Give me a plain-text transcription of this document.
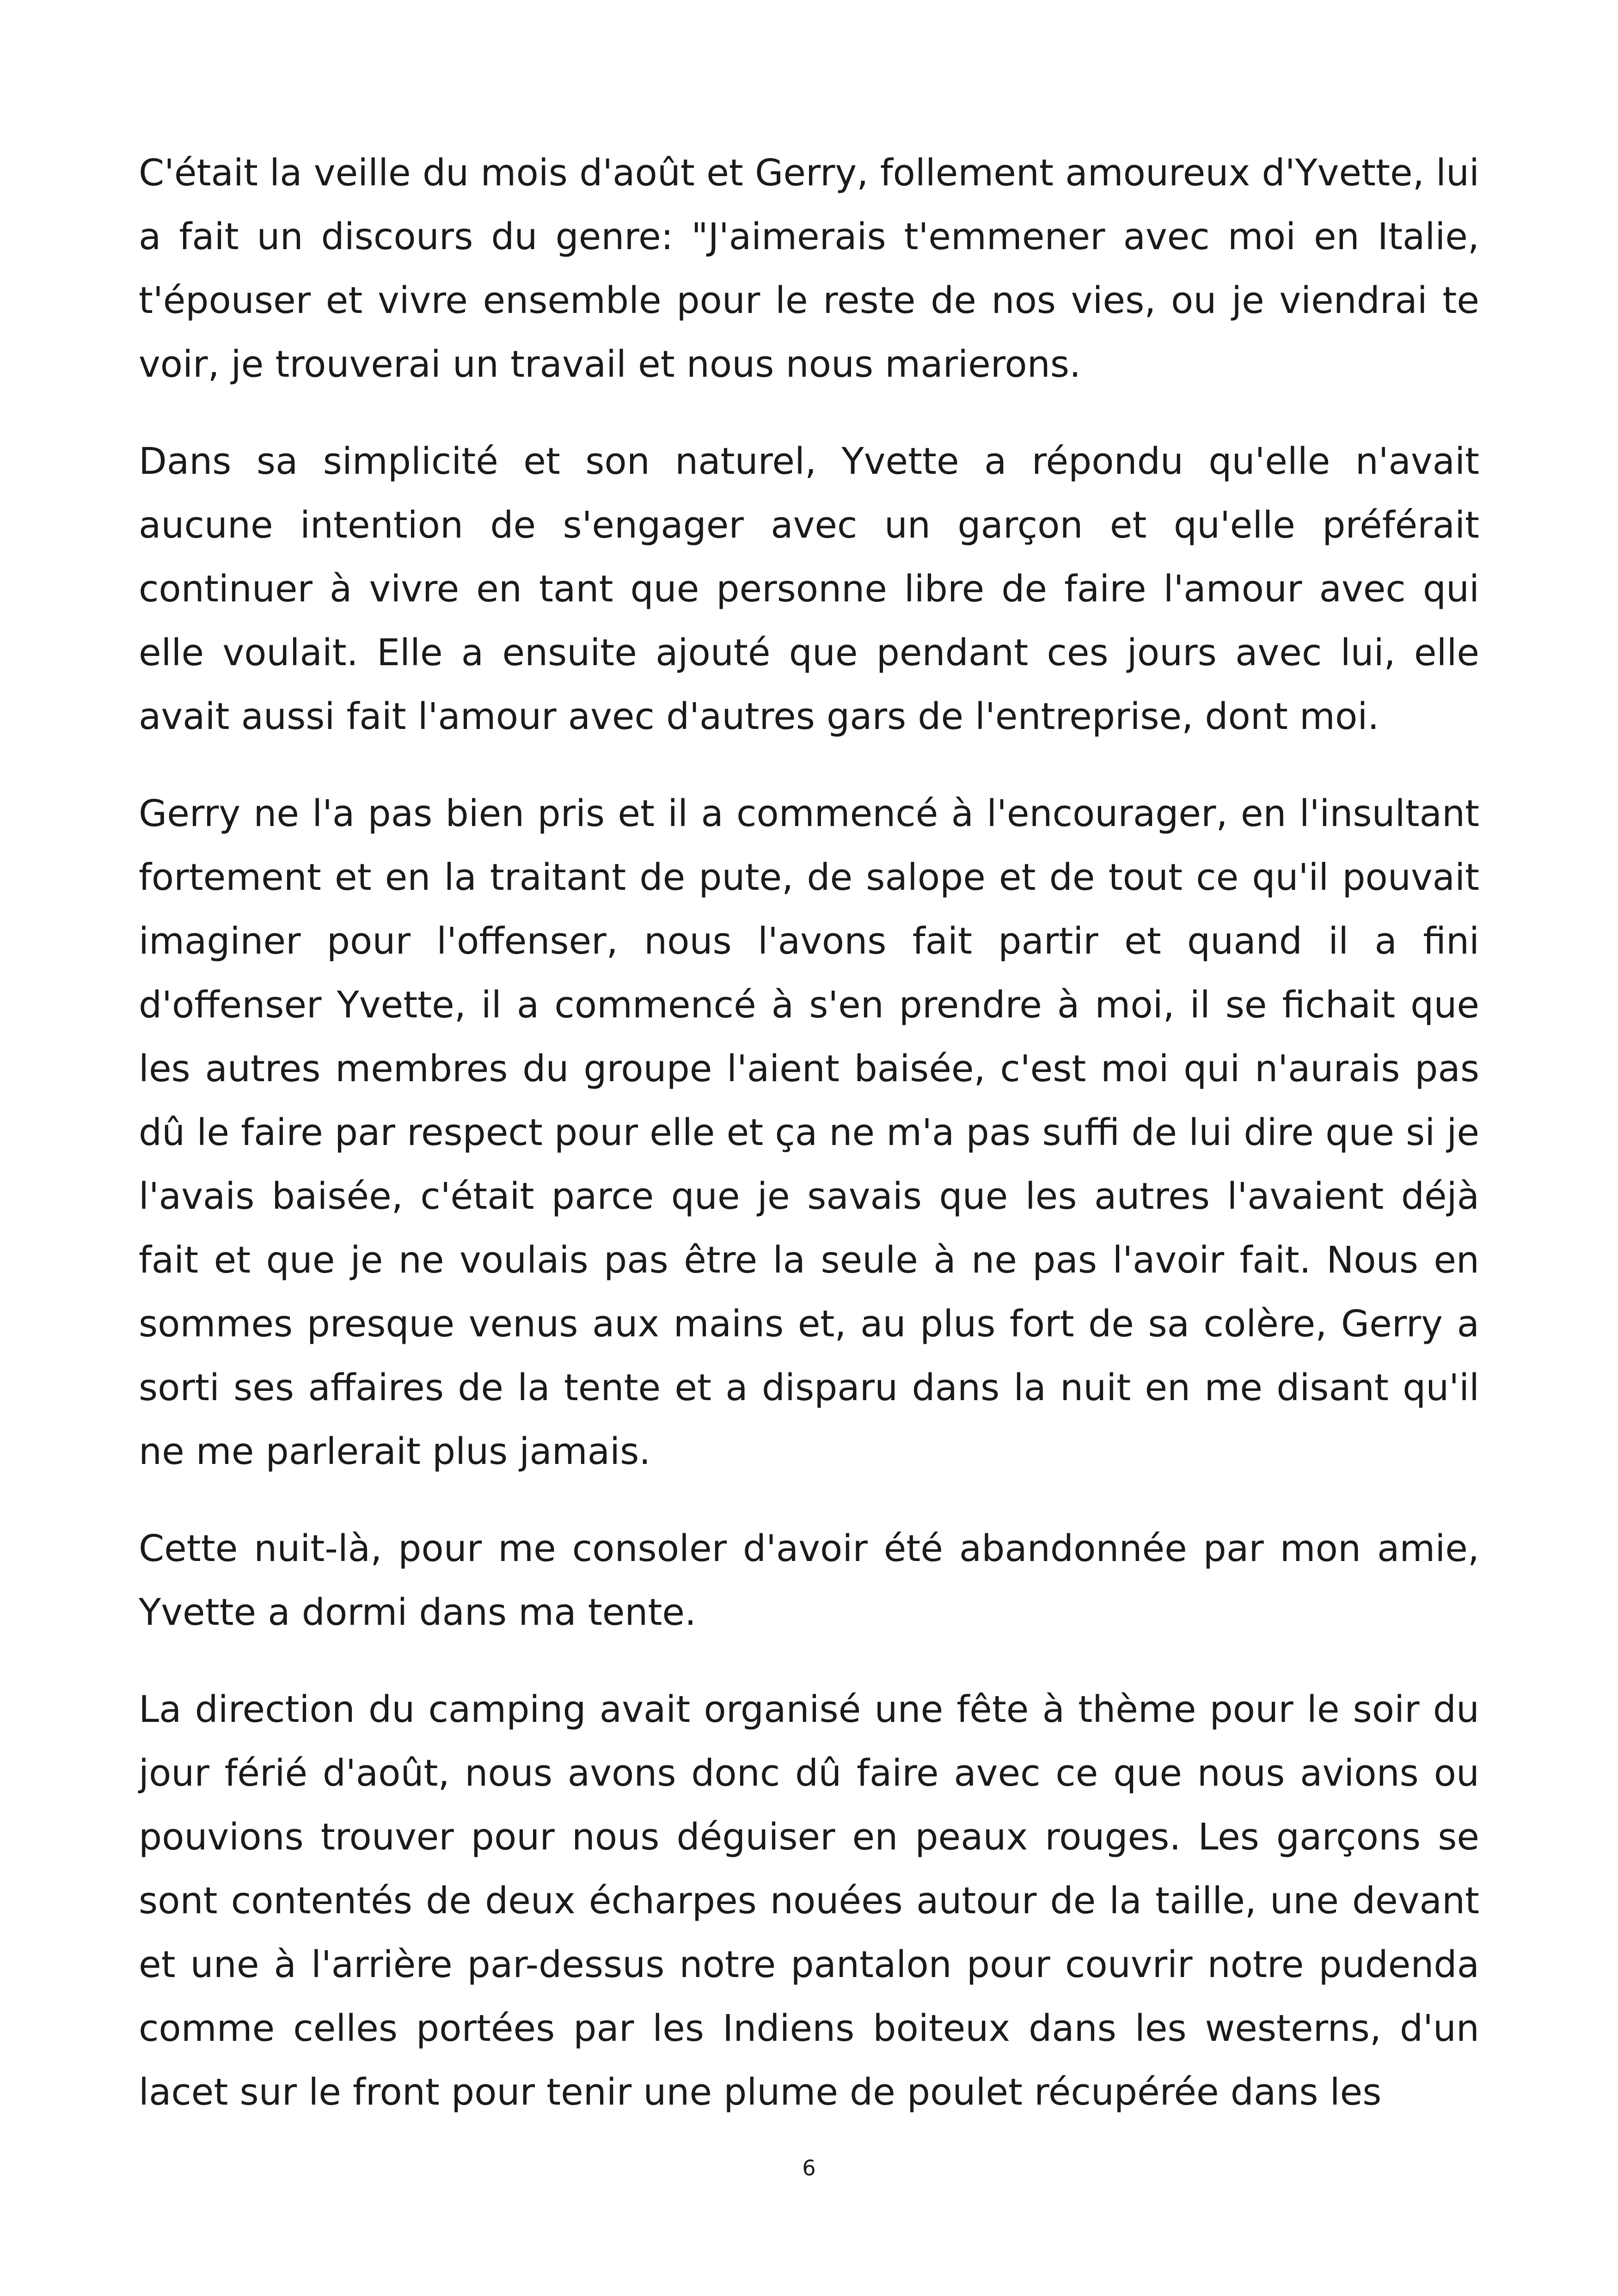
C'était la veille du mois d'août et Gerry, follement amoureux d'Yvette, lui a fait un discours du genre: "J'aimerais t'emmener avec moi en Italie, t'épouser et vivre ensemble pour le reste de nos vies, ou je viendrai te voir, je trouverai un travail et nous nous marierons.

Dans sa simplicité et son naturel, Yvette a répondu qu'elle n'avait aucune intention de s'engager avec un garçon et qu'elle préférait continuer à vivre en tant que personne libre de faire l'amour avec qui elle voulait. Elle a ensuite ajouté que pendant ces jours avec lui, elle avait aussi fait l'amour avec d'autres gars de l'entreprise, dont moi.

Gerry ne l'a pas bien pris et il a commencé à l'encourager, en l'insultant fortement et en la traitant de pute, de salope et de tout ce qu'il pouvait imaginer pour l'offenser, nous l'avons fait partir et quand il a fini d'offenser Yvette, il a commencé à s'en prendre à moi, il se fichait que les autres membres du groupe l'aient baisée, c'est moi qui n'aurais pas dû le faire par respect pour elle et ça ne m'a pas suffi de lui dire que si je l'avais baisée, c'était parce que je savais que les autres l'avaient déjà fait et que je ne voulais pas être la seule à ne pas l'avoir fait. Nous en sommes presque venus aux mains et, au plus fort de sa colère, Gerry a sorti ses affaires de la tente et a disparu dans la nuit en me disant qu'il ne me parlerait plus jamais.

Cette nuit-là, pour me consoler d'avoir été abandonnée par mon amie, Yvette a dormi dans ma tente.

La direction du camping avait organisé une fête à thème pour le soir du jour férié d'août, nous avons donc dû faire avec ce que nous avions ou pouvions trouver pour nous déguiser en peaux rouges. Les garçons se sont contentés de deux écharpes nouées autour de la taille, une devant et une à l'arrière par-dessus notre pantalon pour couvrir notre pudenda comme celles portées par les Indiens boiteux dans les westerns, d'un lacet sur le front pour tenir une plume de poulet récupérée dans les

6
